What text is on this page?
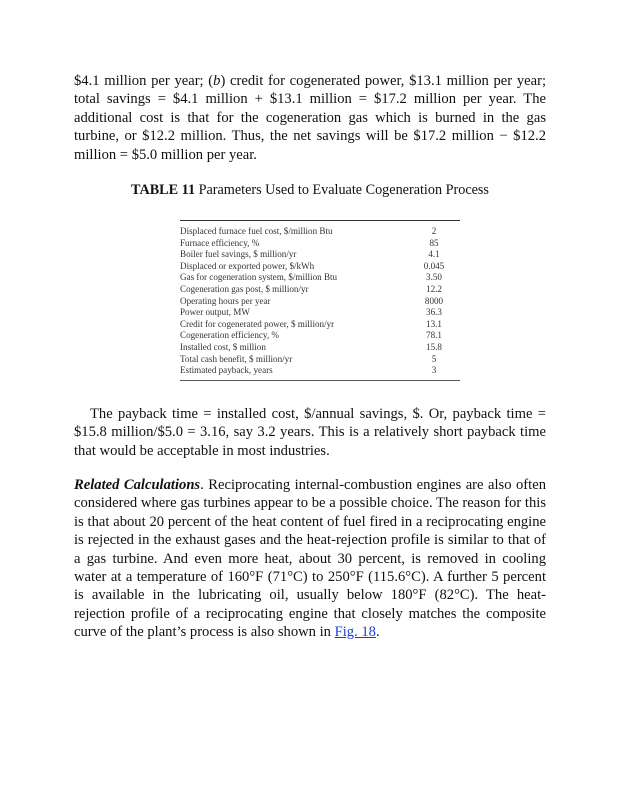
$4.1 million per year; (b) credit for cogenerated power, $13.1 million per year; total savings = $4.1 million + $13.1 million = $17.2 million per year. The additional cost is that for the cogeneration gas which is burned in the gas turbine, or $12.2 million. Thus, the net savings will be $17.2 million − $12.2 million = $5.0 million per year.

TABLE 11 Parameters Used to Evaluate Cogeneration Process

Displaced furnace fuel cost, $/million Btu	2
Furnace efficiency, %	85
Boiler fuel savings, $ million/yr	4.1
Displaced or exported power, $/kWh	0.045
Gas for cogeneration system, $/million Btu	3.50
Cogeneration gas post, $ million/yr	12.2
Operating hours per year	8000
Power output, MW	36.3
Credit for cogenerated power, $ million/yr	13.1
Cogeneration efficiency, %	78.1
Installed cost, $ million	15.8
Total cash benefit, $ million/yr	5
Estimated payback, years	3

The payback time = installed cost, $/annual savings, $. Or, payback time = $15.8 million/$5.0 = 3.16, say 3.2 years. This is a relatively short payback time that would be acceptable in most industries.

Related Calculations. Reciprocating internal-combustion engines are also often considered where gas turbines appear to be a possible choice. The reason for this is that about 20 percent of the heat content of fuel fired in a reciprocating engine is rejected in the exhaust gases and the heat-rejection profile is similar to that of a gas turbine. And even more heat, about 30 percent, is removed in cooling water at a temperature of 160°F (71°C) to 250°F (115.6°C). A further 5 percent is available in the lubricating oil, usually below 180°F (82°C). The heat-rejection profile of a reciprocating engine that closely matches the composite curve of the plant’s process is also shown in Fig. 18.
